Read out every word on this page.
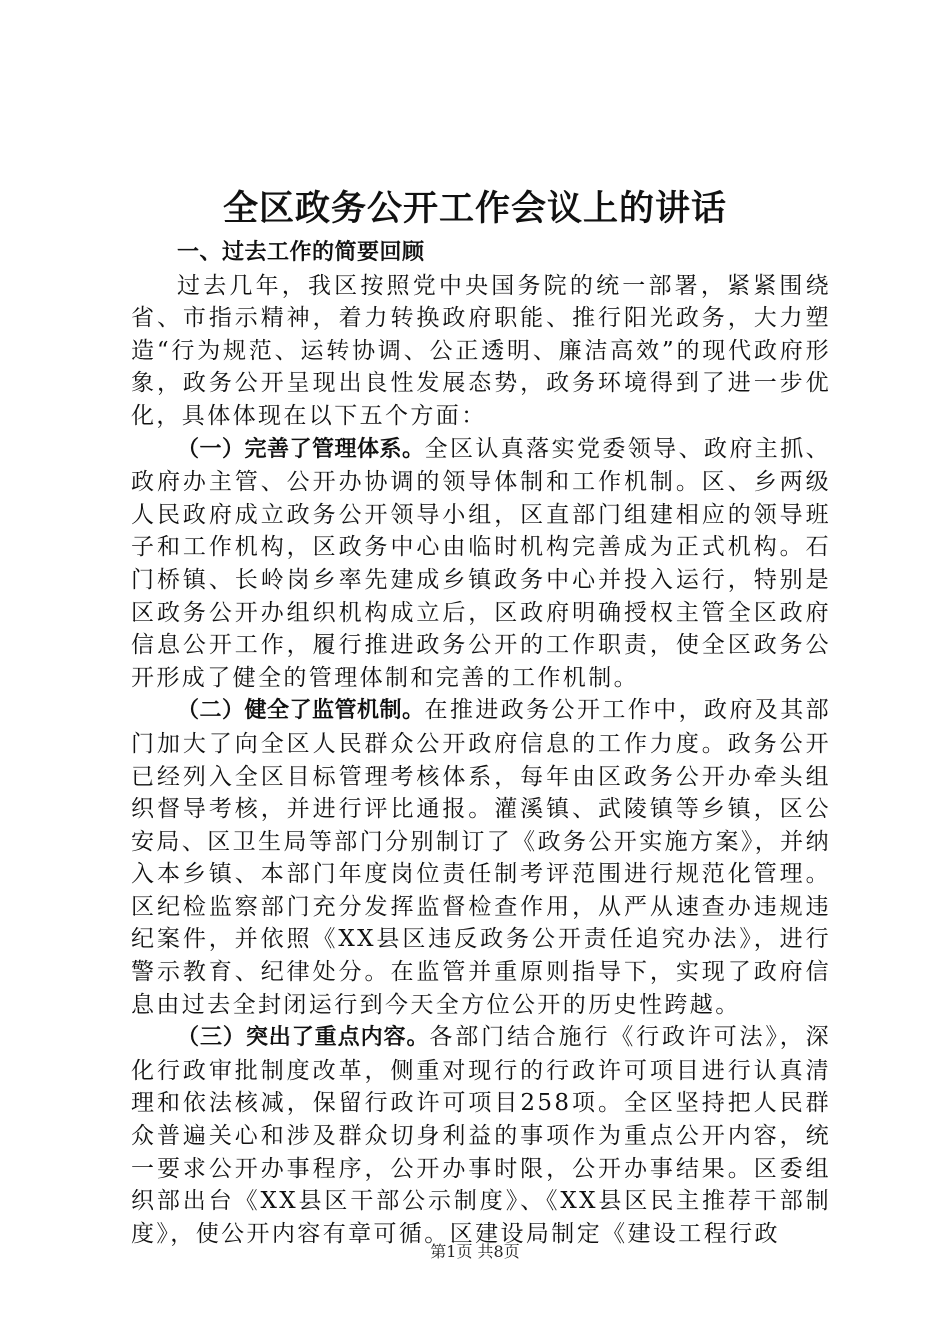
全区政务公开工作会议上的讲话

一、过去工作的简要回顾

过去几年，我区按照党中央国务院的统一部署，紧紧围绕省、市指示精神，着力转换政府职能、推行阳光政务，大力塑造“行为规范、运转协调、公正透明、廉洁高效”的现代政府形象，政务公开呈现出良性发展态势，政务环境得到了进一步优化，具体体现在以下五个方面：

（一）完善了管理体系。全区认真落实党委领导、政府主抓、政府办主管、公开办协调的领导体制和工作机制。区、乡两级人民政府成立政务公开领导小组，区直部门组建相应的领导班子和工作机构，区政务中心由临时机构完善成为正式机构。石门桥镇、长岭岗乡率先建成乡镇政务中心并投入运行，特别是区政务公开办组织机构成立后，区政府明确授权主管全区政府信息公开工作，履行推进政务公开的工作职责，使全区政务公开形成了健全的管理体制和完善的工作机制。

（二）健全了监管机制。在推进政务公开工作中，政府及其部门加大了向全区人民群众公开政府信息的工作力度。政务公开已经列入全区目标管理考核体系，每年由区政务公开办牵头组织督导考核，并进行评比通报。灌溪镇、武陵镇等乡镇，区公安局、区卫生局等部门分别制订了《政务公开实施方案》，并纳入本乡镇、本部门年度岗位责任制考评范围进行规范化管理。区纪检监察部门充分发挥监督检查作用，从严从速查办违规违纪案件，并依照《XX县区违反政务公开责任追究办法》，进行警示教育、纪律处分。在监管并重原则指导下，实现了政府信息由过去全封闭运行到今天全方位公开的历史性跨越。

（三）突出了重点内容。各部门结合施行《行政许可法》，深化行政审批制度改革，侧重对现行的行政许可项目进行认真清理和依法核减，保留行政许可项目258项。全区坚持把人民群众普遍关心和涉及群众切身利益的事项作为重点公开内容，统一要求公开办事程序，公开办事时限，公开办事结果。区委组织部出台《XX县区干部公示制度》、《XX县区民主推荐干部制度》，使公开内容有章可循。区建设局制定《建设工程行政

第1页 共8页
